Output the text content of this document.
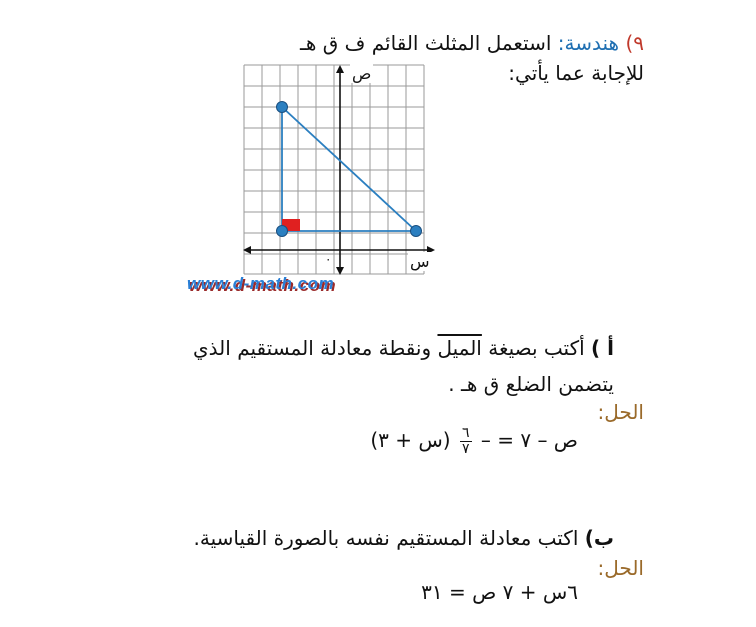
٩) هندسة: استعمل المثلث القائم ف ق هـ
للإجابة عما يأتي:
ص
س
٠
www.d-math.com
أ ) أكتب بصيغة الميل ونقطة معادلة المستقيم الذي
يتضمن الضلع ق هـ .
الحل:
ص – ٧ = –
$\frac{٦}{٧}$
(س + ٣)
ب) اكتب معادلة المستقيم نفسه بالصورة القياسية.
الحل:
٦س + ٧ ص = ٣١
